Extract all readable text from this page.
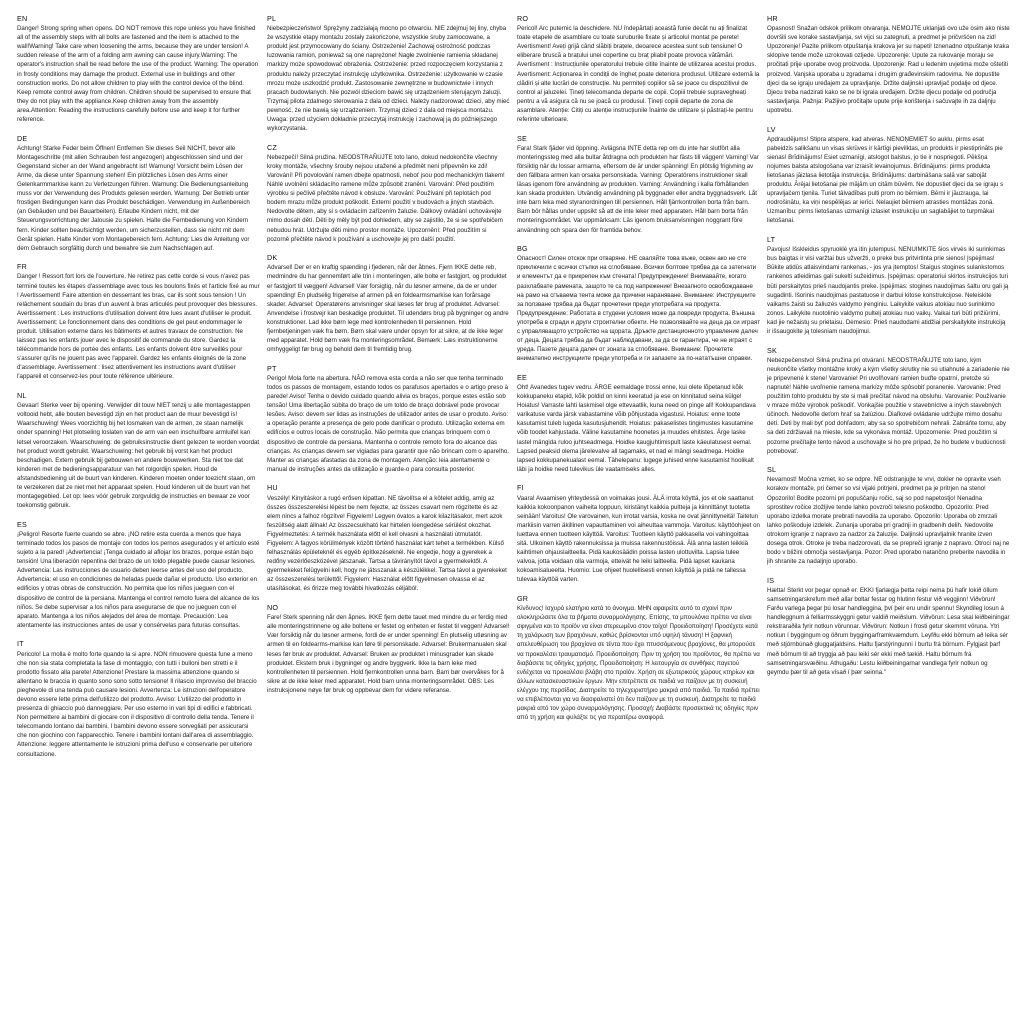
EN

Danger! Strong spring when opens. DO NOT remove this rope unless you have finished all of the assembly steps with all bolts are fastened and the item is attached to the wall!Warning! Take care when loosening the arms, because they are under tension! A sudden release of the arm of a folding arm awning can cause injury.Warning: The operator's instruction shall be read before the use of the product. Warning: The operation in frosty conditions may damage the product. External use in buildings and other construction works. Do not allow children to play with the control device of the blind. Keep remote control away from children. Children should be supervised to ensure that they do not play with the appliance.Keep children away from the assembly area.Attention: Reading the instructions carefully before use and keep it for further reference.

DE

Achtung! Starke Feder beim Öffnen! Entfernen Sie dieses Seil NICHT, bevor alle Montageschritte (mit allen Schrauben fest angezogen) abgeschlossen sind und der Gegenstand sicher an der Wand angebracht ist! Warnung! Vorsicht beim Lösen der Arme, da diese unter Spannung stehen! Ein plötzliches Lösen des Arms einer Gelenkarmmarkise kann zu Verletzungen führen. Warnung: Die Bedienungsanleitung muss vor der Verwendung des Produkts gelesen werden. Warnung: Der Betrieb unter frostigen Bedingungen kann das Produkt beschädigen. Verwendung im Außenbereich (an Gebäuden und bei Bauarbeiten). Erlaube Kindern nicht, mit der Steuerungsvorrichtung der Jalousie zu spielen. Halte die Fernbedienung von Kindern fern. Kinder sollten beaufsichtigt werden, um sicherzustellen, dass sie nicht mit dem Gerät spielen. Halte Kinder vom Montagebereich fern. Achtung: Lies die Anleitung vor dem Gebrauch sorgfältig durch und bewahre sie zum Nachschlagen auf.

FR

Danger ! Ressort fort lors de l'ouverture. Ne retirez pas cette corde si vous n'avez pas terminé toutes les étapes d'assemblage avec tous les boulons fixés et l'article fixé au mur ! Avertissement! Faire attention en desserrant les bras, car ils sont sous tension ! Un relâchement soudain du bras d'un auvent à bras articulés peut provoquer des blessures. Avertissement : Les instructions d'utilisation doivent être lues avant d'utiliser le produit. Avertissement: Le fonctionnement dans des conditions de gel peut endommager le produit. Utilisation externe dans les bâtiments et autres travaux de construction. Ne laissez pas les enfants jouer avec le dispositif de commande du store. Gardez la télécommande hors de portée des enfants. Les enfants doivent être surveillés pour s'assurer qu'ils ne jouent pas avec l'appareil. Gardez les enfants éloignés de la zone d'assemblage. Avertissement : lisez attentivement les instructions avant d'utiliser l'appareil et conservez-les pour toute référence ultérieure.

NL

Gevaar! Sterke veer bij opening. Verwijder dit touw NIET tenzij u alle montagestappen voltooid hebt, alle bouten bevestigd zijn en het product aan de muur bevestigd is! Waarschuwing! Wees voorzichtig bij het losmaken van de armen, ze staan namelijk onder spanning! Het plotseling loslaten van de arm van een inschuifbare armluifel kan letsel veroorzaken. Waarschuwing: de gebruiksinstructie dient gelezen te worden voordat het product wordt gebruikt. Waarschuwing: het gebruik bij vorst kan het product beschadigen. Extern gebruik bij gebouwen en andere bouwwerken. Sta niet toe dat kinderen met de bedieningsapparatuur van het rolgordijn spelen. Houd de afstandsbediening uit de buurt van kinderen. Kinderen moeten onder toezicht staan, om te verzekeren dat ze niet met het apparaat spelen. Houd kinderen uit de buurt van het montagegebied. Let op: lees vóór gebruik zorgvuldig de instructies en bewaar ze voor toekomstig gebruik.

ES

¡Peligro! Resorte fuerte cuando se abre. ¡NO retire esta cuerda a menos que haya terminado todos los pasos de montaje con todos los pernos asegurados y el artículo esté sujeto a la pared! ¡Advertencia! ¡Tenga cuidado al aflojar los brazos, porque están bajo tensión! Una liberación repentina del brazo de un toldo plegable puede causar lesiones. Advertencia: Las instrucciones de usuario deben leerse antes del uso del producto. Advertencia: el uso en condiciones de heladas puede dañar el producto. Uso exterior en edificios y otras obras de construcción. No permita que los niños jueguen con el dispositivo de control de la persiana. Mantenga el control remoto fuera del alcance de los niños. Se debe supervisar a los niños para asegurarse de que no jueguen con el aparato. Mantenga a los niños alejados del área de montaje. Precaución: Lea atentamente las instrucciones antes de usar y consérvelas para futuras consultas.

IT

Pericolo! La molla è molto forte quando la si apre. NON rimuovere questa fune a meno che non sia stata completata la fase di montaggio, con tutti i bulloni ben stretti e il prodotto fissato alla parete! Attenzione! Prestare la massima attenzione quando si allentano le braccia in quanto sono sono sotto tensione! Il rilascio improvviso del braccio pieghevole di una tenda può causare lesioni. Avvertenza: Le istruzioni dell'operatore devono essere lette prima dell'utilizzo del prodotto. Avviso: L'utilizzo del prodotto in presenza di ghiaccio può danneggiare. Per uso esterno in vari tipi di edifici e fabbricati. Non permettere ai bambini di giocare con il dispositivo di controllo della tenda. Tenere il telecomando lontano dai bambini. I bambini devono essere sorvegliati per assicurarsi che non giochino con l'apparecchio. Tenere i bambini lontani dall'area di assemblaggio. Attenzione: leggere attentamente le istruzioni prima dell'uso e conservarle per ulteriore consultazione.

PL

Niebezpieczeństwo! Sprężyny zadziałają mocno po otwarciu. NIE zdejmuj tej liny, chyba że wszystkie etapy montażu zostały zakończone, wszystkie śruby zamocowane, a produkt jest przymocowany do ściany. Ostrzeżenie! Zachowaj ostrożność podczas luzowania ramion, ponieważ są one naprężone! Nagłe zwolnienie ramienia składanej markizy może spowodować obrażenia. Ostrzeżenie: przed rozpoczęciem korzystania z produktu należy przeczytać instrukcję użytkownika. Ostrzeżenie: użytkowanie w czasie mrozu może uszkodzić produkt. Zastosowanie zewnętrzne w budownictwie i innych pracach budowlanych. Nie pozwól dzieciom bawić się urządzeniem sterującym żaluzji. Trzymaj pilota zdalnego sterowania z dala od dzieci. Należy nadzorować dzieci, aby mieć pewność, że nie bawią się urządzeniem. Trzymaj dzieci z dala od miejsca montażu. Uwaga: przed użyciem dokładnie przeczytaj instrukcję i zachowaj ją do późniejszego wykorzystania.

CZ

Nebezpečí! Silná pružina. NEODSTRAŇUJTE toto lano, dokud nedokončíte všechny kroky montáže, všechny šrouby nejsou utažené a předmět není připevněn ke zdi! Varování! Při povolování ramen dbejte opatrnosti, neboť jsou pod mechanickým tlakem! Náhlé uvolnění skládacího ramene může způsobit zranění. Varování: Před použitím výrobku si pečlivě přečtěte návod k obsluze. Varování: Používání při teplotách pod bodem mrazu může produkt poškodit. Externí použití v budovách a jiných stavbách. Nedovolte dětem, aby si s ovládacím zařízením žaluzie. Dálkový ovládání uchovávejte mimo dosah dětí. Děti by měly být pod dohledem, aby se zajistilo, že si se spotřebičem nebudou hrát. Udržujte děti mimo prostor montáže. Upozornění: Před použitím si pozorně přečtěte návod k používání a uschovejte jej pro další použití.

DK

Advarsel! Der er en kraftig spænding i fjederen, når der åbnes. Fjern IKKE dette reb, medmindre du har gennemført alle trin i monteringen, alle bolte er fastgjort, og produktet er fastgjort til væggen! Advarsel! Vær forsigtig, når du løsner armene, da de er under spænding! En pludselig frigørelse af armen på en foldearmsmarkise kan forårsage skader. Advarsel: Operatørens anvisninger skal læses før brug af produktet. Advarsel: Anvendelse i frostvejr kan beskadige produktet. Til udendørs brug på bygninger og andre konstruktioner. Lad ikke børn lege med kontrolenheden til persiennen. Hold fjernbetjeningen væk fra børn. Børn skal være under opsyn for at sikre, at de ikke leger med apparatet. Hold børn væk fra monteringsområdet. Bemærk: Læs instruktionerne omhyggeligt før brug og behold dem til fremtidig brug.

PT

Perigo! Mola forte na abertura. NÃO remova esta corda a não ser que tenha terminado todos os passos de montagem, estando todos os parafusos apertados e o artigo preso à parede! Aviso! Tenha o devido cuidado quando alivia os braços, porque estes estão sob tensão! Uma libertação súbita do braço de um toldo de braço dobrável pode provocar lesões. Aviso: devem ser lidas as instruções de utilizador antes de usar o produto. Aviso: a operação perante a presença de gelo pode danificar o produto. Utilização externa em edifícios e outros locais de construção. Não permita que crianças brinquem com o dispositivo de controle da persiana. Mantenha o controle remoto fora do alcance das crianças. As crianças devem ser vigiadas para garantir que não brincam com o aparelho. Manter as crianças afastadas da zona de montagem. Atenção: leia atentamente o manual de instruções antes da utilização e guarde-o para consulta posterior.

HU

Veszély! Kinyitáskor a rugó erősen kipattan. NE távolítsa el a kötelet addig, amíg az összes összeszerelési lépést be nem fejezte, az összes csavart nem rögzítette és az elem nincs a falhoz rögzítve! Figyelem! Legyen óvatos a karok kilazításakor, mert azok feszültség alatt állnak! Az összecsukható kar hirtelen kiengedése sérülést okozhat. Figyelmeztetés: A termék használata előtt el kell olvasni a használati útmutatót. Figyelem: A fagyos körülmények között történő használat kárt tehet a termékben. Külső felhasználás épületeknél és egyéb építkezéseknél. Ne engedje, hogy a gyerekek a redőny vezérlőeszközével játszanak. Tartsa a távirányítót távol a gyermekektől. A gyermekeket felügyelni kell, hogy ne játsszanak a készülékkel. Tartsa távol a gyerekeket az összeszerelési területtől. Figyelem: Használat előtt figyelmesen olvassa el az utasításokat, és őrizze meg további hivatkozás céljából.

NO

Fare! Sterk spenning når den åpnes. IKKE fjern dette tauet med mindre du er ferdig med alle monteringstrinnene og alle boltene er festet og enheten er festet til veggen! Advarsel! Vær forsiktig når du løsner armene, fordi de er under spenning! En plutselig utløsning av armen til en foldearms-markise kan føre til personskade. Advarsel: Brukermanualen skal leses før bruk av produktet. Advarsel: Bruken av produktet i minusgrader kan skade produktet. Ekstern bruk i bygninger og andre byggverk. Ikke la barn leke med kontrollenheten til persiennen. Hold fjernkontrollen unna barn. Barn bør overvåkes for å sikre at de ikke leker med apparatet. Hold barn unna monteringsområdet. OBS: Les instruksjonene nøye før bruk og oppbevar dem for videre referanse.

RO

Pericol! Arc puternic la deschidere. NU îndepărtați această funie decât nu ați finalizat toate etapele de asamblare cu toate suruburile fixate și articolul montat pe perete! Avertisment! Aveți grijă când slăbiți brațele, deoarece acestea sunt sub tensiune! O eliberare bruscă a brațului unei copertine cu braț pliabil poate provoca vătămări. Avertisment : Instrucțiunile operatorului trebuie citite înainte de utilizarea acestui produs. Avertisment: Acționarea în condiții de îngheț poate deteriora produsul. Utilizare externă la clădiri și alte lucrări de construcție. Nu permiteți copiilor să se joace cu dispozitivul de control al jaluzelei. Țineți telecomanda departe de copii. Copiii trebuie supravegheați pentru a vă asigura că nu se joacă cu produsul. Țineți copiii departe de zona de asamblare. Atenție: Citiți cu atenție instrucțiunile înainte de utilizare și păstrați-le pentru referinte ulterioare.

SE

Fara! Stark fjäder vid öppning. Avlägsna INTE detta rep om du inte har slutfört alla monteringssteg med alla bultar åtdragna och produkten har fästs till väggen! Varning! Var försiktig när du lossar armarna, eftersom de är under spänning! En plötslig frigivning av den fällbara armen kan orsaka personskada. Varning: Operatörens instruktioner skall läsas igenom före användning av produkten. Varning: Användning i kalla förhållanden kan skada produkten. Utvändig användning på byggnader eller andra byggnadsverk. Låt inte barn leka med styranordningen till persiennen. Håll fjärrkontrollen borta från barn. Barn bör hållas under uppsikt så att de inte leker med apparaten. Håll barn borta från monteringsområdet. Var uppmärksam: Läs igenom bruksanvisningen noggrant före användning och spara den för framtida behov.

BG

Опасност! Силен отскок при отваряне. НЕ сваляйте това въже, освен ако не сте приключили с всички стъпки на сглобяване. Всички болтове трябва да са затегнати и елементът да е прикрепен към стената! Предупреждение! Внимавайте, когато разхлабвате рамената, защото те са под напрежение! Внезапното освобождаване на рамо на сгъваема тента може да причини нараняване. Внимание: Инструкциите за ползване трябва да бъдат прочетени преди употребата на продукта. Предупреждение: Работата в студени условия може да повреди продукта. Външна употреба в сгради и други строителни обекти. Не позволявайте на деца да си играят с управляващото устройство на щората. Дръжте дистанционното управление далеч от деца. Децата трябва да бъдат наблюдавани, за да се гарантира, че не играят с уреда. Пазете децата далеч от зоната за сглобяване. Внимание: Прочетете внимателно инструкциите преди употреба и ги запазете за по-нататъшни справки.

EE

Oht! Avanedes tugev vedru. ÄRGE eemaldage trossi enne, kui olete lõpetanud kõik kokkupaneku etapid, kõik poldid on kinni keeratud ja ese on kinnitatud seina külge! Hoiatus! Varraste lahti laskmisel olge ettevaatlik, kuna need on pinge all! Kokkupandava varikatuse varda järsk vabastamine võib põhjustada vigastusi. Hoiatus: enne toote kasutamist tuleb lugeda kasutusjuhendit. Hoiatus: pakaselistes tingimustes kasutamine võib toodet kahjustada. Väline kasutamine hoonetes ja muudes ehitistes. Ärge laske lastel mängida ruloo juhtseadmega. Hoidke kaugjuhtimispult laste käeulatusest eemal. Lapsed peaksid olema järelevalve all tagamaks, et nad ei mängi seadmega. Hoidke lapsed kokkupanekualast eemal. Tähelepanu: lugege juhised enne kasutamist hoolikalt läbi ja hoidke need tulevikus üle vaatamiseks alles.

FI

Vaara! Avaamisen yhteydessä on voimakas jousi. ÄLÄ irrota köyttä, jos et ole saattanut kaikkia kokoonpanon vaiheita loppuun, kiristänyt kaikkia pultteja ja kiinnittänyt tuotetta seinään! Varoitus! Ole varovainen, kun irrotat varsia, koska ne ovat jännittyneitä! Taitetun markiisin varren äkillinen vapauttaminen voi aiheuttaa vammoja. Varoitus: käyttöohjeet on luettava ennen tuotteen käyttöä. Varoitus: Tuotteen käyttö pakkasella voi vahingoittaa sitä. Ulkoinen käyttö rakennuksissa ja muissa rakennustöissä. Älä anna lasten leikkiä kaihtimen ohjauslaitteella. Pidä kaukosäädin poissa lasten ulottuvilta. Lapsia tulee valvoa, jotta voidaan olla varmoja, etteivät he leiki laitteella. Pidä lapset kaukana kokoamisalueelta. Huomio: Lue ohjeet huolellisesti ennen käyttöä ja pidä ne tallessa tulevaa käyttöä varten.

GR

Κίνδυνος! Ισχυρό ελατήριο κατά το άνοιγμα. ΜΗΝ αφαιρείτε αυτό το σχοινί πριν ολοκληρώσετε όλα τα βήματα συναρμολόγησης. Επίσης, τα μπουλόνια πρέπει να είναι σφιγμένα και το προϊόν να είναι στερεωμένο στον τοίχο! Προειδοποίηση! Προσέχετε κατά τη χαλάρωση των βραχιόνων, καθώς βρίσκονται υπό υψηλή τάνυση! Η ξαφνική απελευθέρωση του βραχίονα σε τέντα που έχει πτυσσόμενους βραχίονες, θα μπορούσε να προκαλέσει τραυματισμό. Προειδοποίηση: Πριν τη χρήση του προϊόντος, θα πρέπει να διαβάσετε τις οδηγίες χρήσης. Προειδοποίηση: Η λειτουργία σε συνθήκες παγετού ενδέχεται να προκαλέσει βλάβη στο προϊόν. Χρήση σε εξωτερικούς χώρους κτηρίων και άλλων κατασκευαστικών έργων. Μην επιτρέπετε σε παιδιά να παίζουν με τη συσκευή ελέγχου της περσίδας. Διατηρείτε το τηλεχειριστήριο μακριά από παιδιά. Τα παιδιά πρέπει να επιβλέπονται για να διασφαλιστεί ότι δεν παίζουν με τη συσκευή. Διατηρείτε τα παιδιά μακριά από τον χώρο συναρμολόγησης. Προσοχή: Διαβάστε προσεκτικά τις οδηγίες πριν από τη χρήση και φυλάξτε τις για περαιτέρω αναφορά.

HR

Opasnost! Snažan odskok prilikom otvaranja. NEMOJTE uklanjati ovo uže osim ako niste dovršili sve korake sastavljanja, svi vijci su zategnuti, a predmet je pričvršćen na zid! Upozorenje! Pazite prilikom otpuštanja krakova jer su napeti! Iznenadno otpuštanje kraka sklopive tende može uzrokovati ozljede. Upozorenje: Upute za rukovanje moraju se pročitati prije uporabe ovog proizvoda. Upozorenje: Rad u ledenim uvjetima može oštetiti proizvod. Vanjska uporaba u zgradama i drugim građevinskim radovima. Ne dopustite djeci da se igraju uređajem za upravljanje. Držite daljinski upravljač podalje od djece. Djecu treba nadzirati kako se ne bi igrala uređajem. Držite djecu podalje od područja sastavljanja. Pažnja: Pažljivo pročitajte upute prije korištenja i sačuvajte ih za daljnju upotrebu.

LV

Apdraudējums! Stipra atspere, kad atveras. NENOŅEMIET šo auklu, pirms esat pabeidzis salikšanu un visas skrūves ir kārtīgi pievilktas, un produkts ir piestiprināts pie sienas! Brīdinājums! Esiet uzmanīgi, atslogot balstus, jo tie ir nospriegoti. Pēkšņa nojumes balsta atslogošana var izraisīt ievainojumus. Brīdinājums: pirms produkta lietošanas jāizlasa lietotāja instrukcija. Brīdinājums: darbināšana salā var sabojāt produktu. Ārējai lietošanai pie mājām un citām būvēm. Ne dopustiet djeci da se igraju s upravljačem tjenila. Turiet tālvadības pulti prom no bērniem. Bērni ir jāuzrauga, lai nodrošinātu, ka viņi nespēlējas ar ierīci. Nelaujiet bērniem atrasties montāžas zonā. Uzmanību: pirms lietošanas uzmanīgi izlasiet instrukciju un saglabājiet to turpmākai lietošanai.

LT

Pavojus! Išskleidus spyruoklė yra itin jutempusi. NENUIMKITE šios virvės iki surinkimas bus baigtas ir visi varžtai bus užveržti, o preke bus pritvirtinta prie sienos! Įspėjimas! Būkite atidūs atlaisvindami rankenas, - jos yra įtemptos! Staigus stogines sulankstomos rankenos atleidimas gali sukelti sužeidimus. Įspėjimas: operatoriui skirtos instrukcijos turi būti perskaitytos prieš naudojantis preke. Įspėjimas: stogines naudojimas šaltu oru gali ją sugadinti. Išorinis naudojimas pastatuose ir darbui kitose konstrukcijose. Neleiskite vaikams žaisti su žaliuzės valdymo įrenginiu. Laikykite vaikus atokiau nuo surinkimo zonos. Laikykite nuotolinio valdymo pultelį atokiau nuo vaikų. Vaikai turi būti prižiūrimi, kad jie nežaistų su prietaisu. Dėmesio: Prieš naudodami atidžiai perskaitykite instrukciją ir išsaugokite ją tolesniam naudojimui.

SK

Nebezpečenstvo! Silná pružina pri otváraní. NEODSTRAŇUJTE toto lano, kým neukončíte všetky montážne kroky a kým všetky skrutky nie sú utiahnuté a zariadenie nie je pripevnené k stene! Varovanie! Pri uvoľňovaní ramien buďte opatrní, pretože sú napnuté! Náhle uvoľnenie ramena markízy môže spôsobiť poranenie. Varovanie: Pred použitím tohto produktu by ste si mali prečítať návod na obsluhu. Varovanie: Používanie v mraze môže výrobok poškodiť. Vonkajšie použitie v stavebníctve a iných stavebných účinoch. Nedovoľte deťom hrať sa žalúziou. Diaľkové ovládanie udržujte mimo dosahu detí. Deti by mali byť pod dohľadom, aby sa so spotrebičom nehrali. Zabráňte tomu, aby sa deti zdržiavali na mieste, kde sa vykonáva montáž. Upozornenie: Pred použitím si pozorne prečítajte tento návod a uschovajte si ho pre prípad, že ho budete v budúcnosti potrebovať.

SL

Nevarnost! Močna vzmet, ko se odpre. NE odstranjujte te vrvi, dokler ne opravite vseh korakov montaže, pri čemer so vsi vijaki pritrjeni, predmet pa je pritrjen na steno! Opozorilo! Bodite pozorni pri popuščanju ročic, saj so pod napetostjo! Nenadna sprostitev ročice zložljive tende lahko povzroči telesno poškodbo. Opozorilo: Pred uporabo izdelka morate prebrati navodila za uporabo. Opozorilo: Uporaba ob zmrzali lahko poškoduje izdelek. Zunanja uporaba pri gradnji in gradbenih delih. Nedovolite otrokom igranje z napravo za nadzor za žaluzije. Daljinski upravljalnik hranite izven dosega otrok. Otroke je treba nadzorovati, da se prepreči igranje z napravo. Otroci naj ne bodo v bližini območja sestavljanja. Pozor: Pred uporabo natančno preberite navodila in jih shranite za nadaljnjo uporabo.

IS

Hætta! Sterkt vor þegar opnað er. EKKI fjarlægja þetta reipi nema þú hafir lokið öllum samsetningarskrefum með allar boltar festar og hlutinn festur við veggjinn! Viðvörun! Farðu varlega þegar þú losar handleggina, því þeir eru undir spennu! Skyndileg losun á handleggnum á felliarmsskyggni getur valdið meiðslum. Viðvörun: Lesa skal leiðbeiningar rekstraraðila fyrir notkun vörunnar. Viðvörun: Notkun í frosti getur skemmt vöruna. Ytri notkun í byggingum og öðrum byggingarframkvæmdum. Leyfðu ekki börnum að leika sér með stjórnbúnað gluggatjaldsins. Haltu fjarstýringunni í burtu frá börnum. Fylgjast þarf með börnum til að tryggja að þau leiki sér ekki með tækið. Haltu börnum frá samsetningarsvæðinu. Athugaðu: Lestu leiðbeiningarnar vandlega fyrir notkun og geymdu þær til að geta vísað í þær seinna."
